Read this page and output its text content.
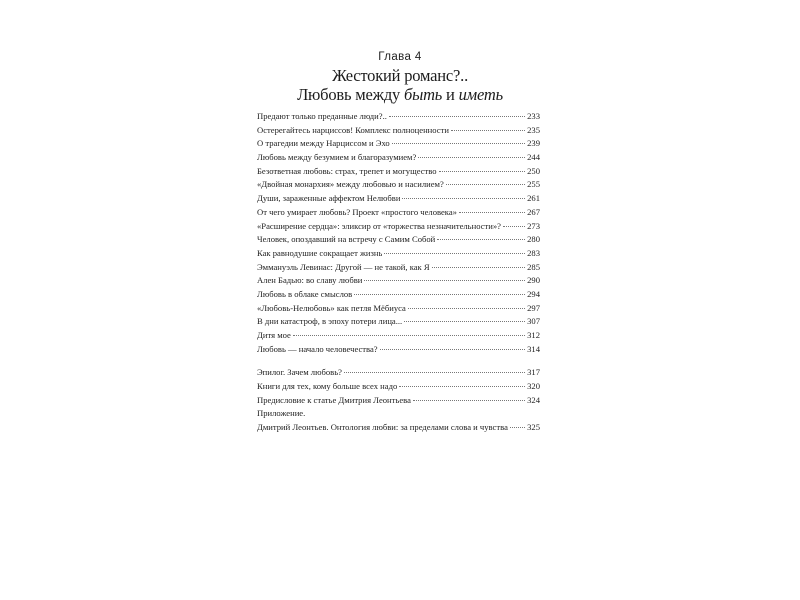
Глава 4
Жестокий романс?..
Любовь между быть и иметь
Предают только преданные люди?..	233
Остерегайтесь нарциссов! Комплекс полноценности	235
О трагедии между Нарциссом и Эхо	239
Любовь между безумием и благоразумием?	244
Безответная любовь: страх, трепет и могущество	250
«Двойная монархия» между любовью и насилием?	255
Души, зараженные аффектом Нелюбви	261
От чего умирает любовь? Проект «простого человека»	267
«Расширение сердца»: эликсир от «торжества незначительности»?	273
Человек, опоздавший на встречу с Самим Собой	280
Как равнодушие сокращает жизнь	283
Эммануэль Левинас: Другой — не такой, как Я	285
Ален Бадью: во славу любви	290
Любовь в облаке смыслов	294
«Любовь-Нелюбовь» как петля Мёбиуса	297
В дни катастроф, в эпоху потери лица...	307
Дитя мое	312
Любовь — начало человечества?	314
Эпилог. Зачем любовь?	317
Книги для тех, кому больше всех надо	320
Предисловие к статье Дмитрия Леонтьева	324
Приложение.
Дмитрий Леонтьев. Онтология любви: за пределами слова и чувства 325
